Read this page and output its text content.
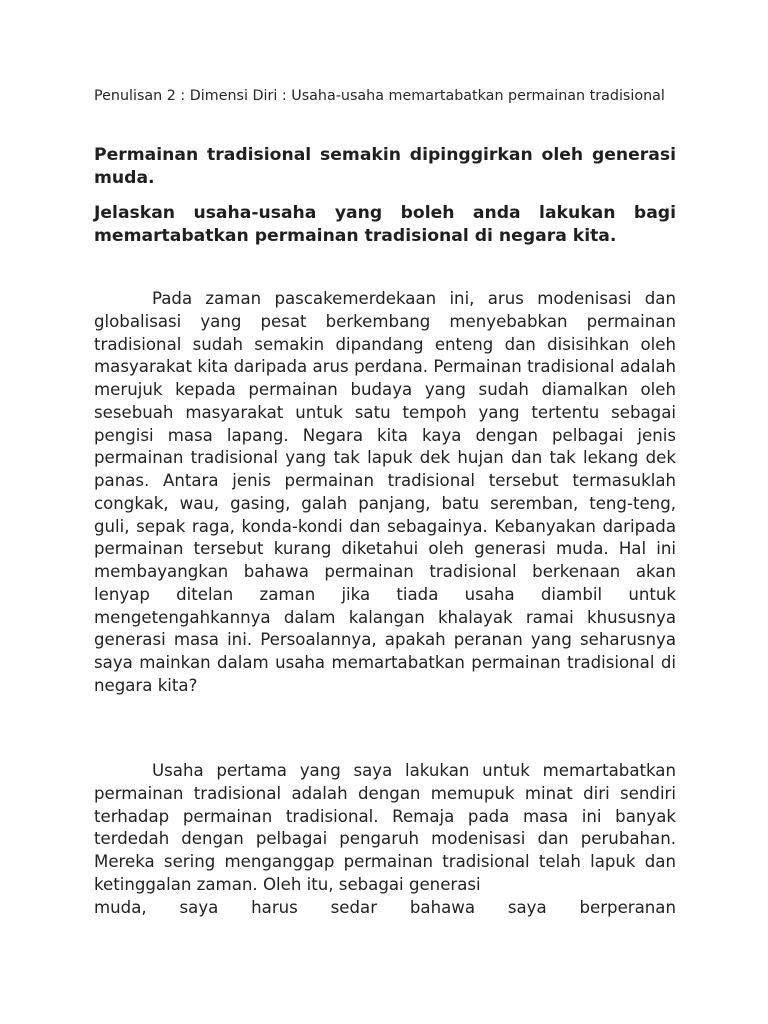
Penulisan 2 : Dimensi Diri : Usaha-usaha memartabatkan permainan tradisional
Permainan tradisional semakin dipinggirkan oleh generasi muda.
Jelaskan usaha-usaha yang boleh anda lakukan bagi memartabatkan permainan tradisional di negara kita.
Pada zaman pascakemerdekaan ini, arus modenisasi dan globalisasi yang pesat berkembang menyebabkan permainan tradisional sudah semakin dipandang enteng dan disisihkan oleh masyarakat kita daripada arus perdana. Permainan tradisional adalah merujuk kepada permainan budaya yang sudah diamalkan oleh sesebuah masyarakat untuk satu tempoh yang tertentu sebagai pengisi masa lapang. Negara kita kaya dengan pelbagai jenis permainan tradisional yang tak lapuk dek hujan dan tak lekang dek panas. Antara jenis permainan tradisional tersebut termasuklah congkak, wau, gasing, galah panjang, batu seremban, teng-teng, guli, sepak raga, konda-kondi dan sebagainya. Kebanyakan daripada permainan tersebut kurang diketahui oleh generasi muda. Hal ini membayangkan bahawa permainan tradisional berkenaan akan lenyap ditelan zaman jika tiada usaha diambil untuk mengetengahkannya dalam kalangan khalayak ramai khususnya generasi masa ini. Persoalannya, apakah peranan yang seharusnya saya mainkan dalam usaha memartabatkan permainan tradisional di negara kita?
Usaha pertama yang saya lakukan untuk memartabatkan permainan tradisional adalah dengan memupuk minat diri sendiri terhadap permainan tradisional. Remaja pada masa ini banyak terdedah dengan pelbagai pengaruh modenisasi dan perubahan. Mereka sering menganggap permainan tradisional telah lapuk dan ketinggalan zaman. Oleh itu, sebagai generasi
muda, saya harus sedar bahawa saya berperanan
